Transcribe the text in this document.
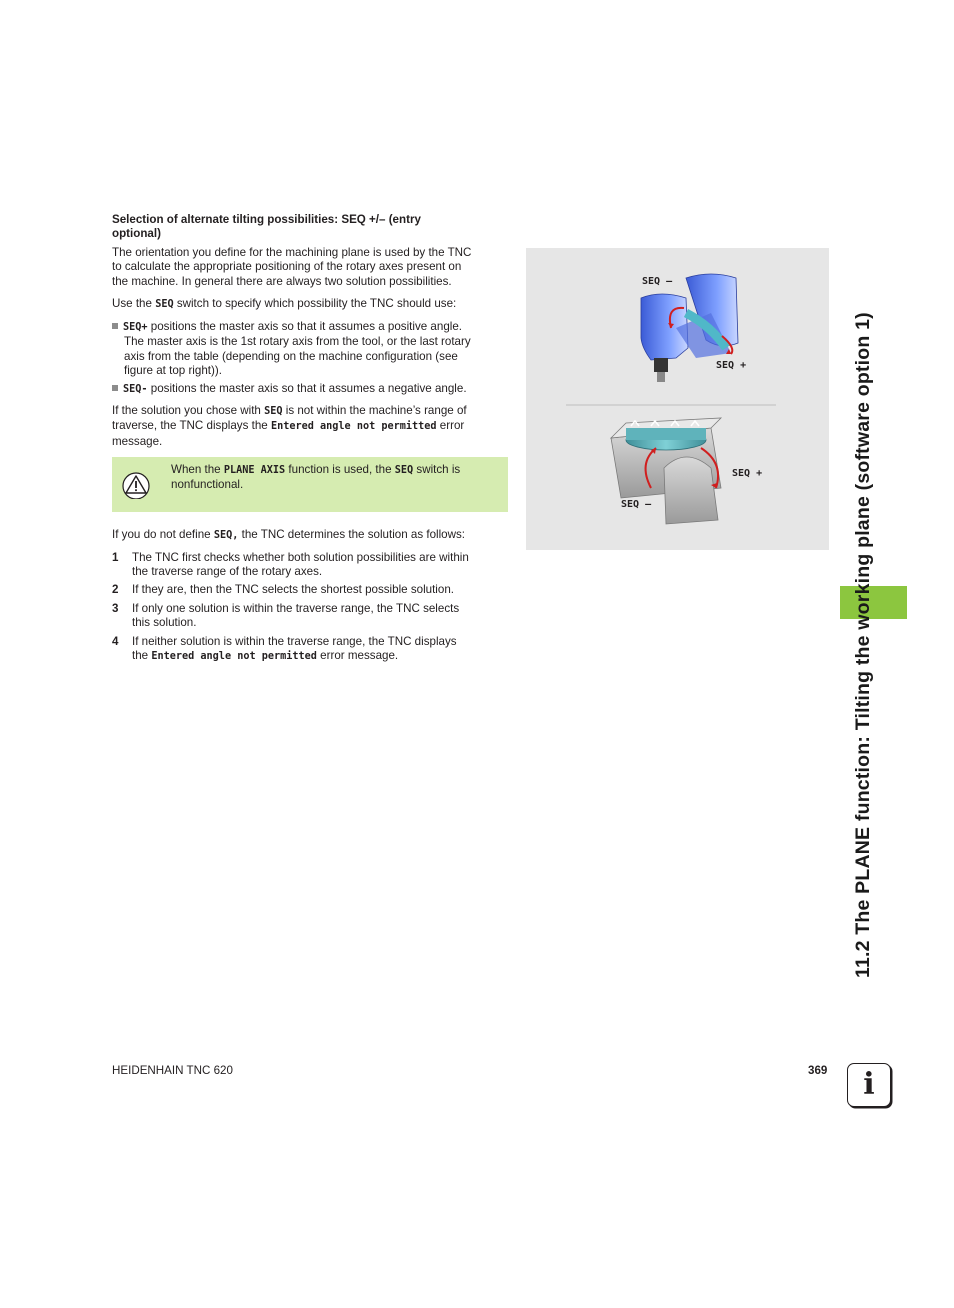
Selection of alternate tilting possibilities: SEQ +/– (entry
optional)

The orientation you define for the machining plane is used by the TNC

to calculate the appropriate positioning of the rotary axes present on

the machine. In general there are always two solution possibilities.

Use the SEQ switch to specify which possibility the TNC should use:

SEQ+ positions the master axis so that it assumes a positive angle.

The master axis is the 1st rotary axis from the tool, or the last rotary

axis from the table (depending on the machine configuration (see

figure at top right)).

SEQ- positions the master axis so that it assumes a negative angle.

If the solution you chose with SEQ is not within the machine’s range of

traverse, the TNC displays the Entered angle not permitted error

message.

When the PLANE AXIS function is used, the SEQ switch is

nonfunctional.

If you do not define SEQ, the TNC determines the solution as follows:

1 The TNC first checks whether both solution possibilities are within

the traverse range of the rotary axes.

2 If they are, then the TNC selects the shortest possible solution.

3 If only one solution is within the traverse range, the TNC selects

this solution.

4 If neither solution is within the traverse range, the TNC displays

the Entered angle not permitted error message.

SEQ –
SEQ +
SEQ +
SEQ –	11.2 The PLANE function: Tilting the working plane (software option 1)
HEIDENHAIN TNC 620	369	i
